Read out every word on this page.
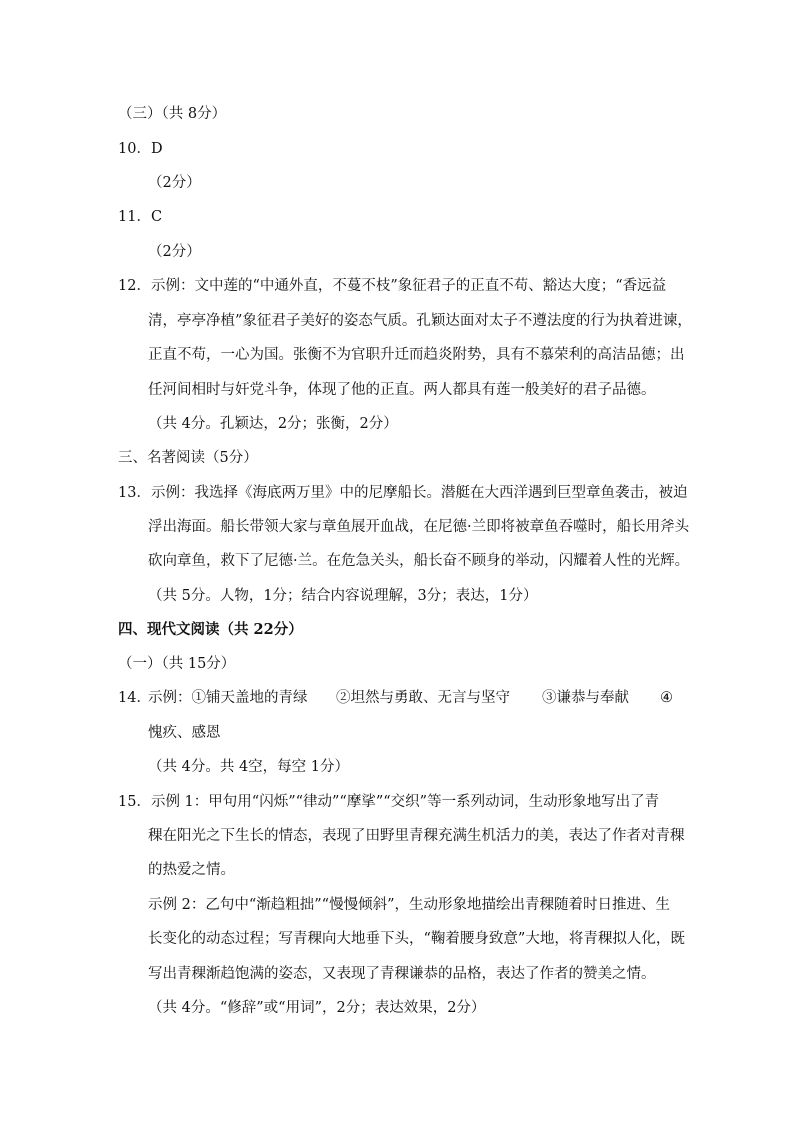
（三）（共 8分）
10．D
（2分）
11．C
（2分）
12．示例：文中莲的“中通外直，不蔓不枝”象征君子的正直不苟、豁达大度；“香远益
清，亭亭净植”象征君子美好的姿态气质。孔颖达面对太子不遵法度的行为执着进谏，
正直不苟，一心为国。张衡不为官职升迁而趋炎附势，具有不慕荣利的高洁品德；出
任河间相时与奸党斗争，体现了他的正直。两人都具有莲一般美好的君子品德。
（共 4分。孔颖达，2分；张衡，2分）
三、名著阅读（5分）
13．示例：我选择《海底两万里》中的尼摩船长。潜艇在大西洋遇到巨型章鱼袭击，被迫
浮出海面。船长带领大家与章鱼展开血战，在尼德·兰即将被章鱼吞噬时，船长用斧头
砍向章鱼，救下了尼德·兰。在危急关头，船长奋不顾身的举动，闪耀着人性的光辉。
（共 5分。人物，1分；结合内容说理解，3分；表达，1分）
四、现代文阅读（共 22分）
（一）（共 15分）
14．
示例：①铺天盖地的青绿 ②坦然与勇敢、无言与坚守 ③谦恭与奉献 ④
愧疚、感恩
（共 4分。共 4空，每空 1分）
15．示例 1：甲句用“闪烁”“律动”“摩挲”“交织”等一系列动词，生动形象地写出了青
稞在阳光之下生长的情态，表现了田野里青稞充满生机活力的美，表达了作者对青稞
的热爱之情。
示例 2：乙句中“渐趋粗拙”“慢慢倾斜”，生动形象地描绘出青稞随着时日推进、生
长变化的动态过程；写青稞向大地垂下头，“鞠着腰身致意”大地，将青稞拟人化，既
写出青稞渐趋饱满的姿态，又表现了青稞谦恭的品格，表达了作者的赞美之情。
（共 4分。“修辞”或“用词”，2分；表达效果，2分）
